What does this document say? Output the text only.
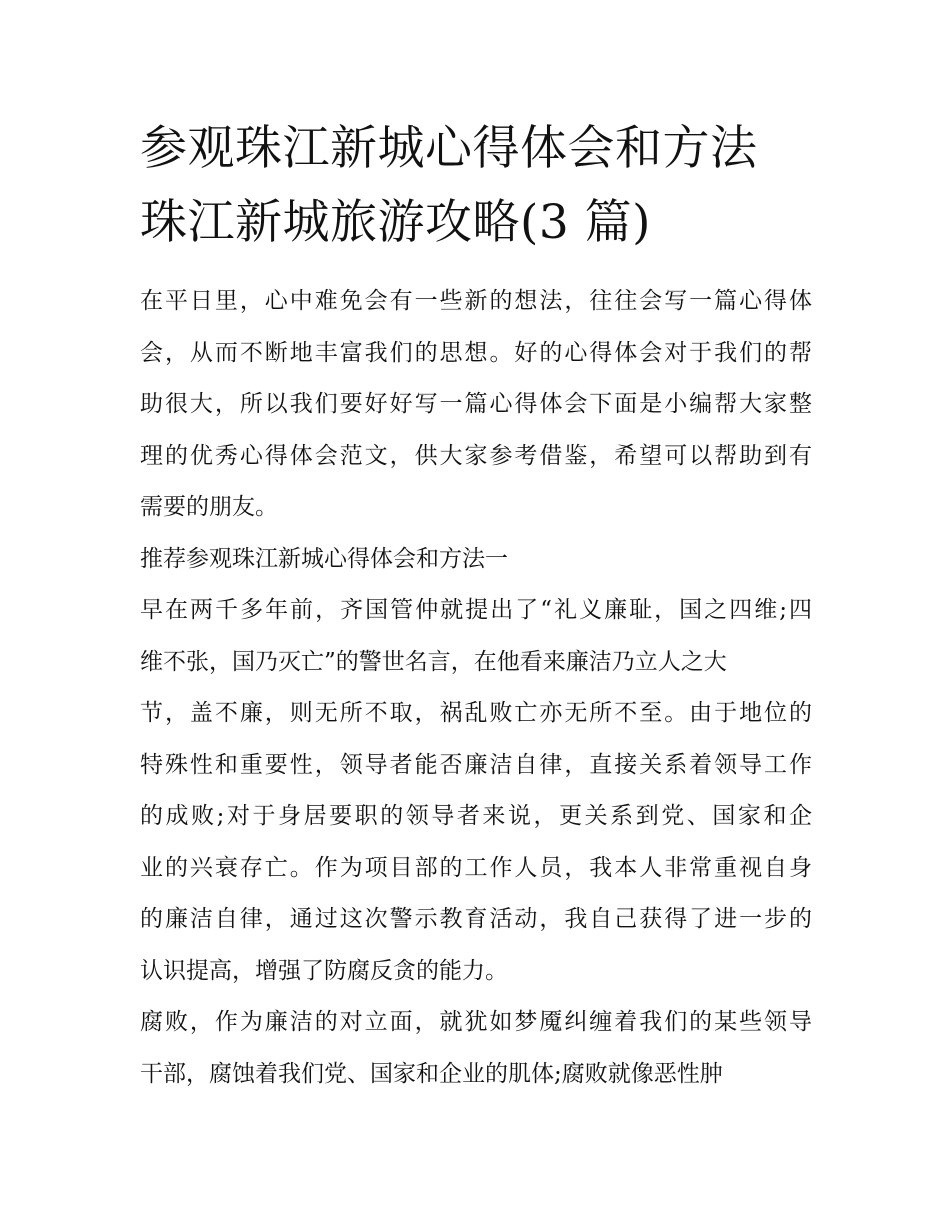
参观珠江新城心得体会和方法
珠江新城旅游攻略(3 篇)

在平日里，心中难免会有一些新的想法，往往会写一篇心得体
会，从而不断地丰富我们的思想。好的心得体会对于我们的帮
助很大，所以我们要好好写一篇心得体会下面是小编帮大家整
理的优秀心得体会范文，供大家参考借鉴，希望可以帮助到有
需要的朋友。

推荐参观珠江新城心得体会和方法一

早在两千多年前，齐国管仲就提出了“礼义廉耻，国之四维;四
维不张，国乃灭亡”的警世名言，在他看来廉洁乃立人之大
节，盖不廉，则无所不取，祸乱败亡亦无所不至。由于地位的
特殊性和重要性，领导者能否廉洁自律，直接关系着领导工作
的成败;对于身居要职的领导者来说，更关系到党、国家和企
业的兴衰存亡。作为项目部的工作人员，我本人非常重视自身
的廉洁自律，通过这次警示教育活动，我自己获得了进一步的
认识提高，增强了防腐反贪的能力。

腐败，作为廉洁的对立面，就犹如梦魇纠缠着我们的某些领导
干部，腐蚀着我们党、国家和企业的肌体;腐败就像恶性肿
